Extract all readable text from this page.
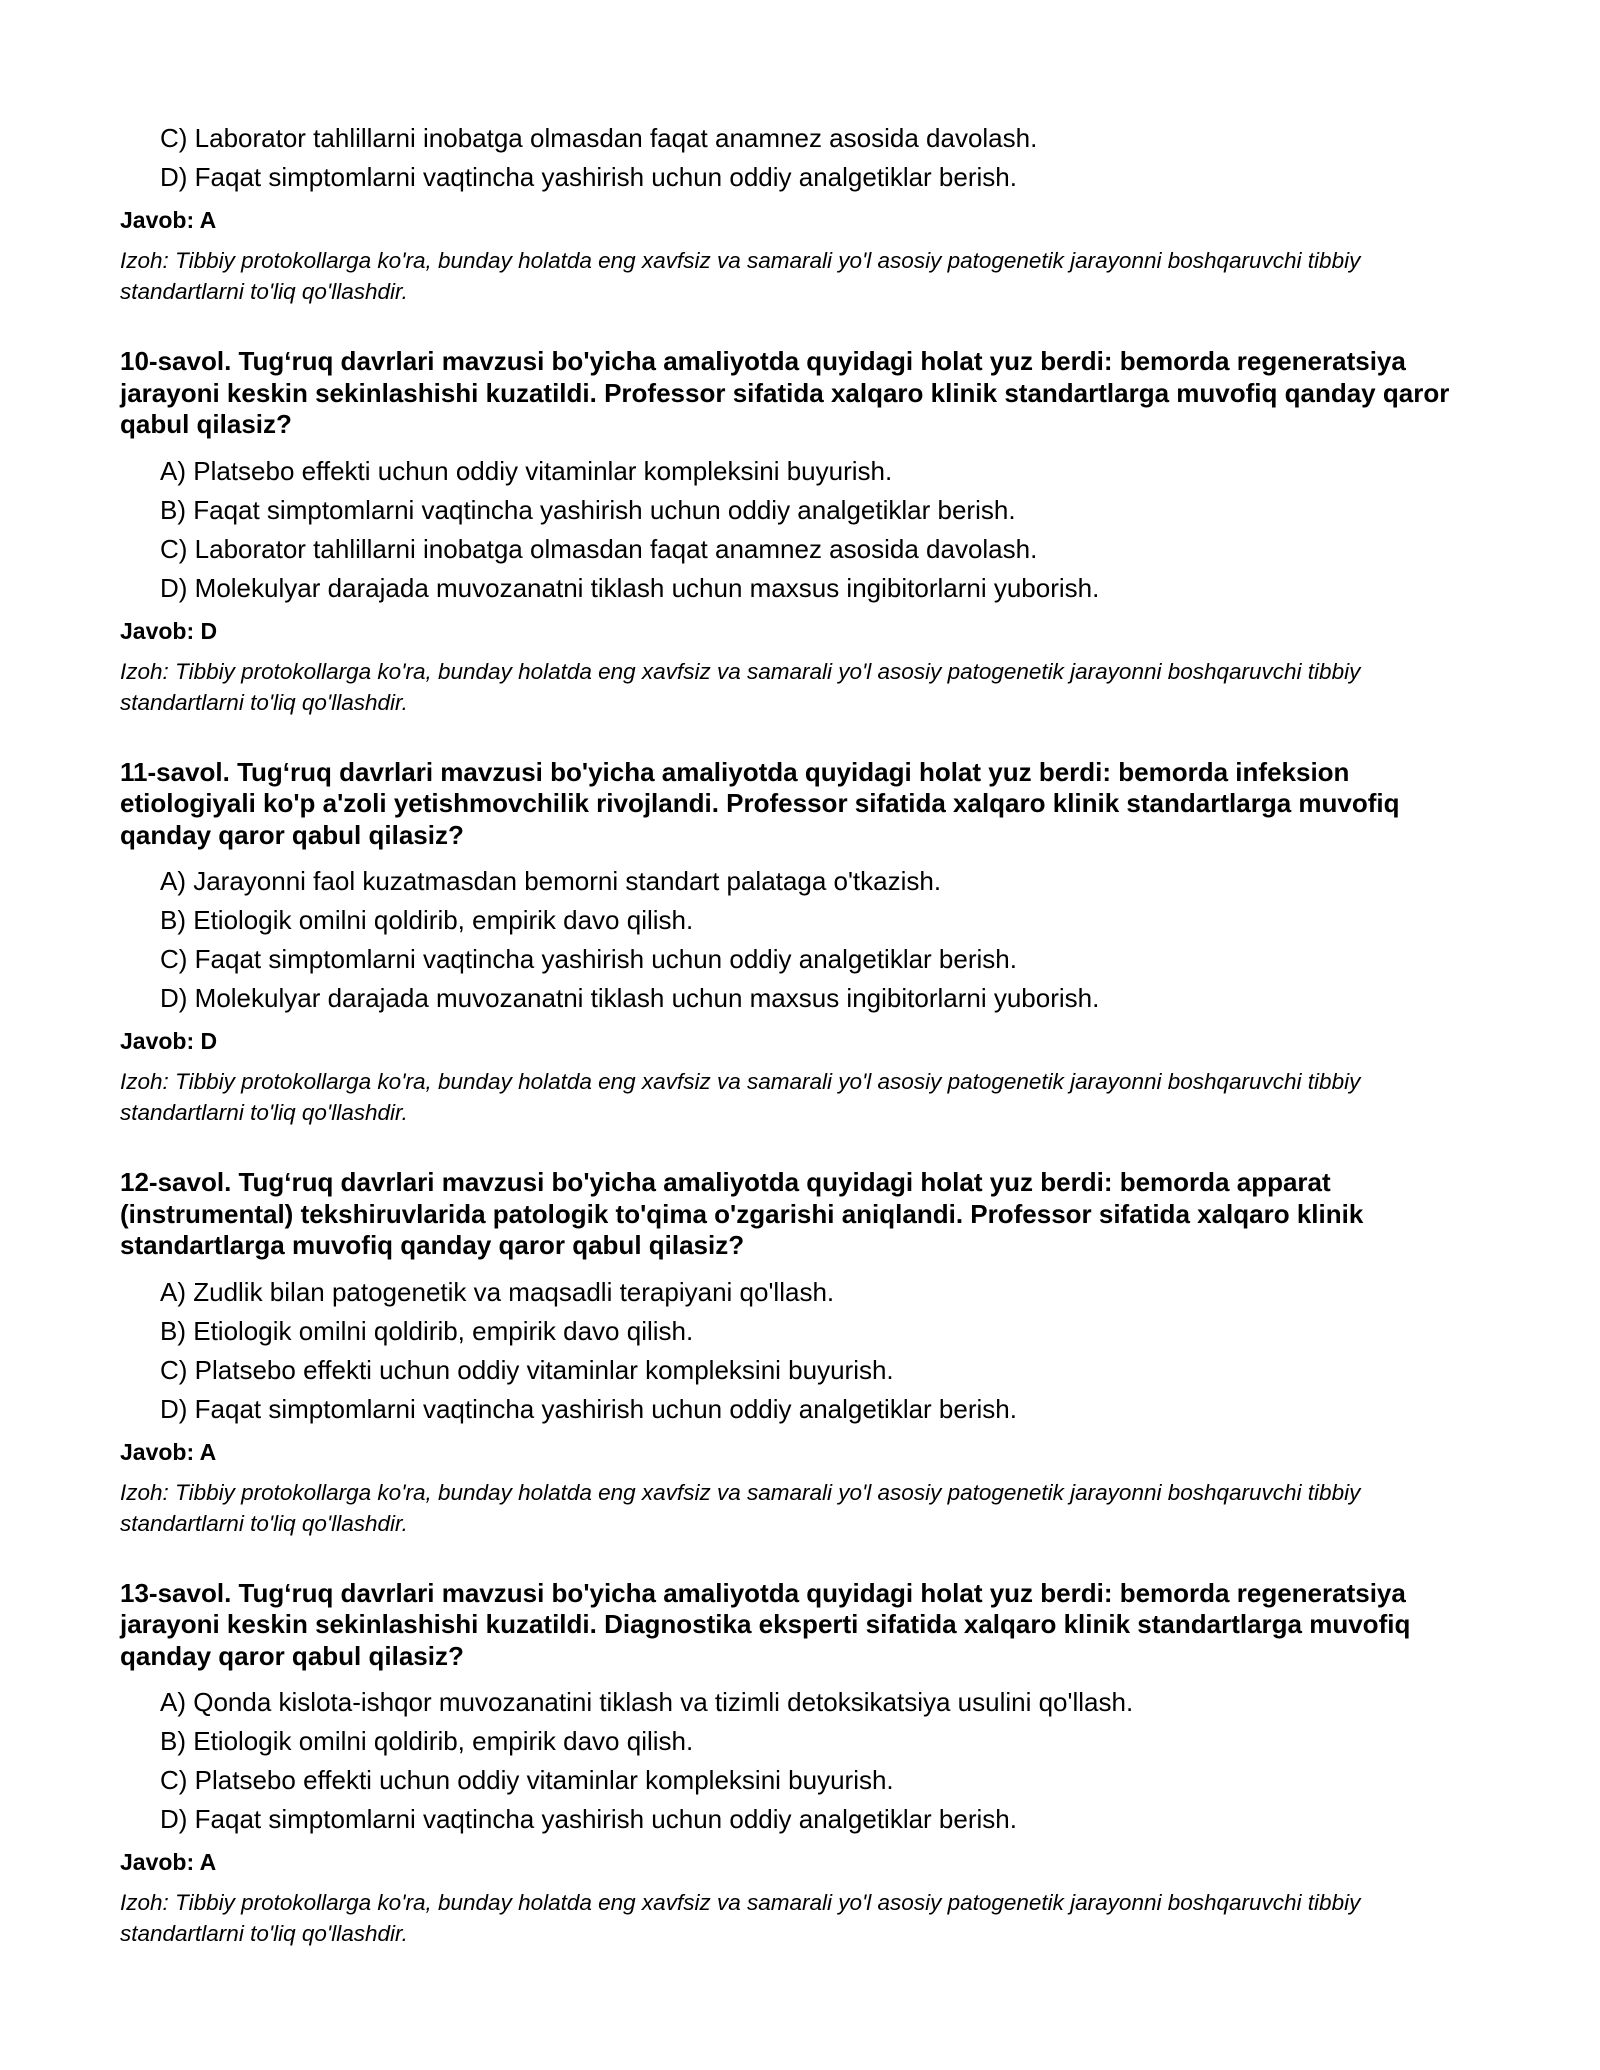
C) Laborator tahlillarni inobatga olmasdan faqat anamnez asosida davolash.
D) Faqat simptomlarni vaqtincha yashirish uchun oddiy analgetiklar berish.
Javob: A

Izoh: Tibbiy protokollarga ko'ra, bunday holatda eng xavfsiz va samarali yo'l asosiy patogenetik jarayonni boshqaruvchi tibbiy standartlarni to'liq qo'llashdir.

10-savol. Tug‘ruq davrlari mavzusi bo'yicha amaliyotda quyidagi holat yuz berdi: bemorda regeneratsiya jarayoni keskin sekinlashishi kuzatildi. Professor sifatida xalqaro klinik standartlarga muvofiq qanday qaror qabul qilasiz?

A) Platsebo effekti uchun oddiy vitaminlar kompleksini buyurish.
B) Faqat simptomlarni vaqtincha yashirish uchun oddiy analgetiklar berish.
C) Laborator tahlillarni inobatga olmasdan faqat anamnez asosida davolash.
D) Molekulyar darajada muvozanatni tiklash uchun maxsus ingibitorlarni yuborish.
Javob: D

Izoh: Tibbiy protokollarga ko'ra, bunday holatda eng xavfsiz va samarali yo'l asosiy patogenetik jarayonni boshqaruvchi tibbiy standartlarni to'liq qo'llashdir.

11-savol. Tug‘ruq davrlari mavzusi bo'yicha amaliyotda quyidagi holat yuz berdi: bemorda infeksion etiologiyali ko'p a'zoli yetishmovchilik rivojlandi. Professor sifatida xalqaro klinik standartlarga muvofiq qanday qaror qabul qilasiz?

A) Jarayonni faol kuzatmasdan bemorni standart palataga o'tkazish.
B) Etiologik omilni qoldirib, empirik davo qilish.
C) Faqat simptomlarni vaqtincha yashirish uchun oddiy analgetiklar berish.
D) Molekulyar darajada muvozanatni tiklash uchun maxsus ingibitorlarni yuborish.
Javob: D

Izoh: Tibbiy protokollarga ko'ra, bunday holatda eng xavfsiz va samarali yo'l asosiy patogenetik jarayonni boshqaruvchi tibbiy standartlarni to'liq qo'llashdir.

12-savol. Tug‘ruq davrlari mavzusi bo'yicha amaliyotda quyidagi holat yuz berdi: bemorda apparat (instrumental) tekshiruvlarida patologik to'qima o'zgarishi aniqlandi. Professor sifatida xalqaro klinik standartlarga muvofiq qanday qaror qabul qilasiz?

A) Zudlik bilan patogenetik va maqsadli terapiyani qo'llash.
B) Etiologik omilni qoldirib, empirik davo qilish.
C) Platsebo effekti uchun oddiy vitaminlar kompleksini buyurish.
D) Faqat simptomlarni vaqtincha yashirish uchun oddiy analgetiklar berish.
Javob: A

Izoh: Tibbiy protokollarga ko'ra, bunday holatda eng xavfsiz va samarali yo'l asosiy patogenetik jarayonni boshqaruvchi tibbiy standartlarni to'liq qo'llashdir.

13-savol. Tug‘ruq davrlari mavzusi bo'yicha amaliyotda quyidagi holat yuz berdi: bemorda regeneratsiya jarayoni keskin sekinlashishi kuzatildi. Diagnostika eksperti sifatida xalqaro klinik standartlarga muvofiq qanday qaror qabul qilasiz?

A) Qonda kislota-ishqor muvozanatini tiklash va tizimli detoksikatsiya usulini qo'llash.
B) Etiologik omilni qoldirib, empirik davo qilish.
C) Platsebo effekti uchun oddiy vitaminlar kompleksini buyurish.
D) Faqat simptomlarni vaqtincha yashirish uchun oddiy analgetiklar berish.
Javob: A

Izoh: Tibbiy protokollarga ko'ra, bunday holatda eng xavfsiz va samarali yo'l asosiy patogenetik jarayonni boshqaruvchi tibbiy standartlarni to'liq qo'llashdir.
